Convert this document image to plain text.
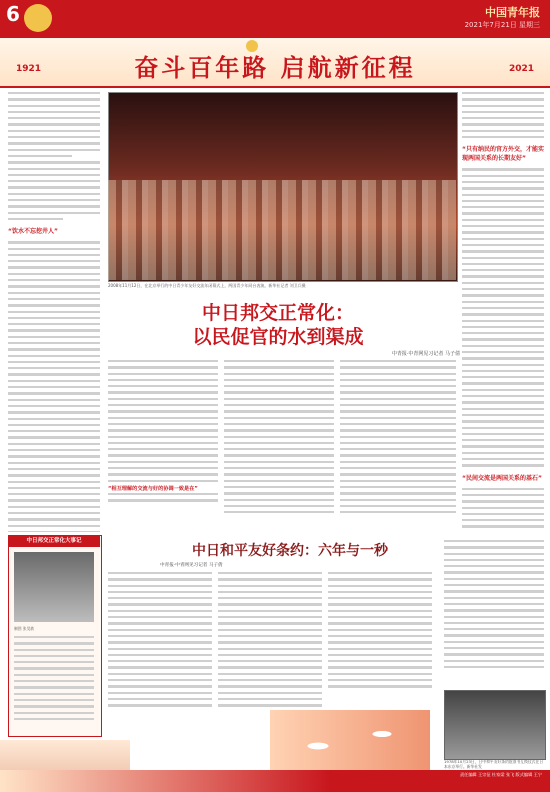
6	中国青年报
2021年7月21日 星期三
奋斗百年路 启航新征程
1921	2021
“饮水不忘挖井人”
2008年11月12日，在北京举行的中日青少年友好交流年闭幕式上，两国青少年同台表演。新华社记者 刘卫兵摄
“只有纳民的官方外交，才能实现两国关系的长期友好”
“民间交流是两国关系的基石”
中日邦交正常化：
以民促官的水到渠成
中青报·中青网见习记者 马子倩
“相互理解的交流与好的协调一致是在”
中日邦交正常化大事记
制图 张昊轶
中日和平友好条约：六年与一秒
中青报·中青网见习记者 马子倩
1978年10月23日，日中和平友好条约批准书互换仪式在日本东京举行。新华社发
责任编辑 王宗征 杜家梁 张飞 版式编辑 王宁
